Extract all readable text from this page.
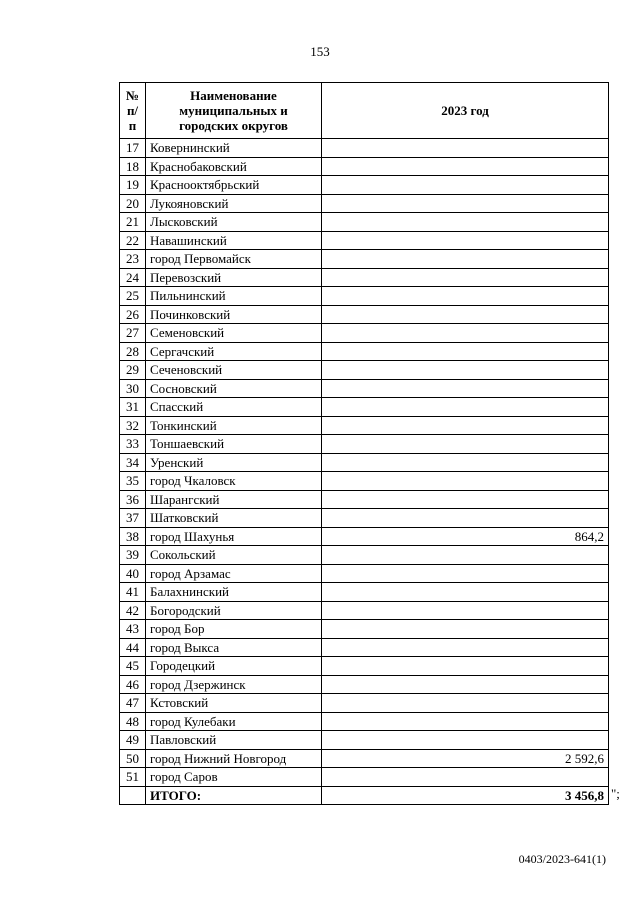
153
№ п/п	Наименование муниципальных и городских округов	2023 год
17	Ковернинский	
18	Краснобаковский	
19	Краснооктябрьский	
20	Лукояновский	
21	Лысковский	
22	Навашинский	
23	город Первомайск	
24	Перевозский	
25	Пильнинский	
26	Починковский	
27	Семеновский	
28	Сергачский	
29	Сеченовский	
30	Сосновский	
31	Спасский	
32	Тонкинский	
33	Тоншаевский	
34	Уренский	
35	город Чкаловск	
36	Шарангский	
37	Шатковский	
38	город Шахунья	864,2
39	Сокольский	
40	город Арзамас	
41	Балахнинский	
42	Богородский	
43	город Бор	
44	город Выкса	
45	Городецкий	
46	город Дзержинск	
47	Кстовский	
48	город Кулебаки	
49	Павловский	
50	город Нижний Новгород	2 592,6
51	город Саров	
	ИТОГО:	3 456,8 ";
0403/2023-641(1)
